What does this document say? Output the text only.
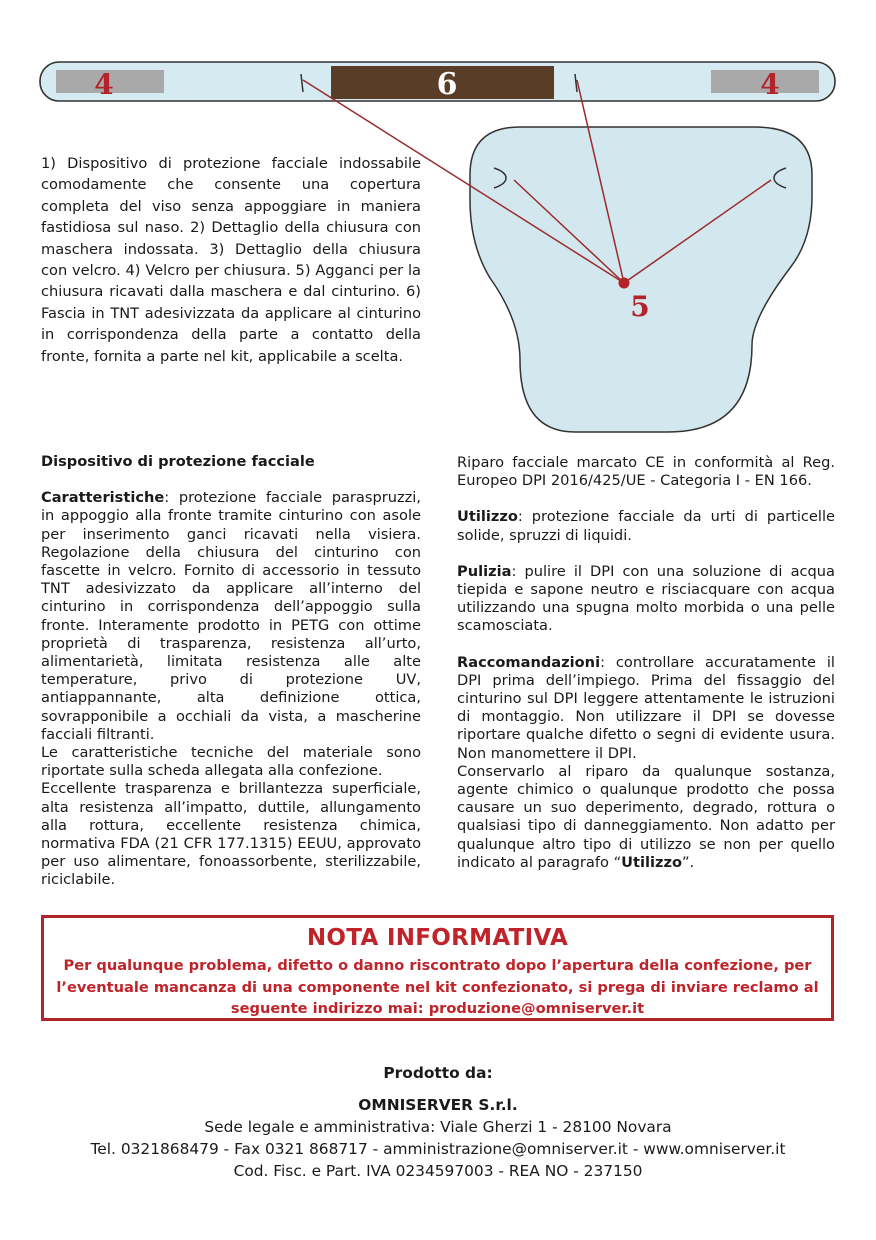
4	6	4
5
1) Dispositivo di protezione facciale indossabile comodamente che consente una copertura completa del viso senza appoggiare in maniera fastidiosa sul naso. 2) Dettaglio della chiusura con maschera indossata. 3) Dettaglio della chiusura con velcro. 4) Velcro per chiusura. 5) Agganci per la chiusura ricavati dalla maschera e dal cinturino. 6) Fascia in TNT adesivizzata da applicare al cinturino in corrispondenza della parte a contatto della fronte, fornita a parte nel kit, applicabile a scelta.

Dispositivo di protezione facciale

Caratteristiche: protezione facciale paraspruzzi, in appoggio alla fronte tramite cinturino con asole per inserimento ganci ricavati nella visiera. Regolazione della chiusura del cinturino con fascette in velcro. Fornito di accessorio in tessuto TNT adesivizzato da applicare all’interno del cinturino in corrispondenza dell’appoggio sulla fronte. Interamente prodotto in PETG con ottime proprietà di trasparenza, resistenza all’urto, alimentarietà, limitata resistenza alle alte temperature, privo di protezione UV, antiappannante, alta definizione ottica, sovrapponibile a occhiali da vista, a mascherine facciali filtranti.

Le caratteristiche tecniche del materiale sono riportate sulla scheda allegata alla confezione.

Eccellente trasparenza e brillantezza superficiale, alta resistenza all’impatto, duttile, allungamento alla rottura, eccellente resistenza chimica, normativa FDA (21 CFR 177.1315) EEUU, approvato per uso alimentare, fonoassorbente, sterilizzabile, riciclabile.

Riparo facciale marcato CE in conformità al Reg. Europeo DPI 2016/425/UE - Categoria I - EN 166.

Utilizzo: protezione facciale da urti di particelle solide, spruzzi di liquidi.

Pulizia: pulire il DPI con una soluzione di acqua tiepida e sapone neutro e risciacquare con acqua utilizzando una spugna molto morbida o una pelle scamosciata.

Raccomandazioni: controllare accuratamente il DPI prima dell’impiego. Prima del fissaggio del cinturino sul DPI leggere attentamente le istruzioni di montaggio. Non utilizzare il DPI se dovesse riportare qualche difetto o segni di evidente usura. Non manomettere il DPI.

Conservarlo al riparo da qualunque sostanza, agente chimico o qualunque prodotto che possa causare un suo deperimento, degrado, rottura o qualsiasi tipo di danneggiamento. Non adatto per qualunque altro tipo di utilizzo se non per quello indicato al paragrafo “Utilizzo”.

NOTA INFORMATIVA
Per qualunque problema, difetto o danno riscontrato dopo l’apertura della confezione, per l’eventuale mancanza di una componente nel kit confezionato, si prega di inviare reclamo al seguente indirizzo mai: produzione@omniserver.it
Prodotto da:
OMNISERVER S.r.l.
Sede legale e amministrativa: Viale Gherzi 1 - 28100 Novara
Tel. 0321868479 - Fax 0321 868717 - amministrazione@omniserver.it - www.omniserver.it
Cod. Fisc. e Part. IVA 0234597003 - REA NO - 237150
